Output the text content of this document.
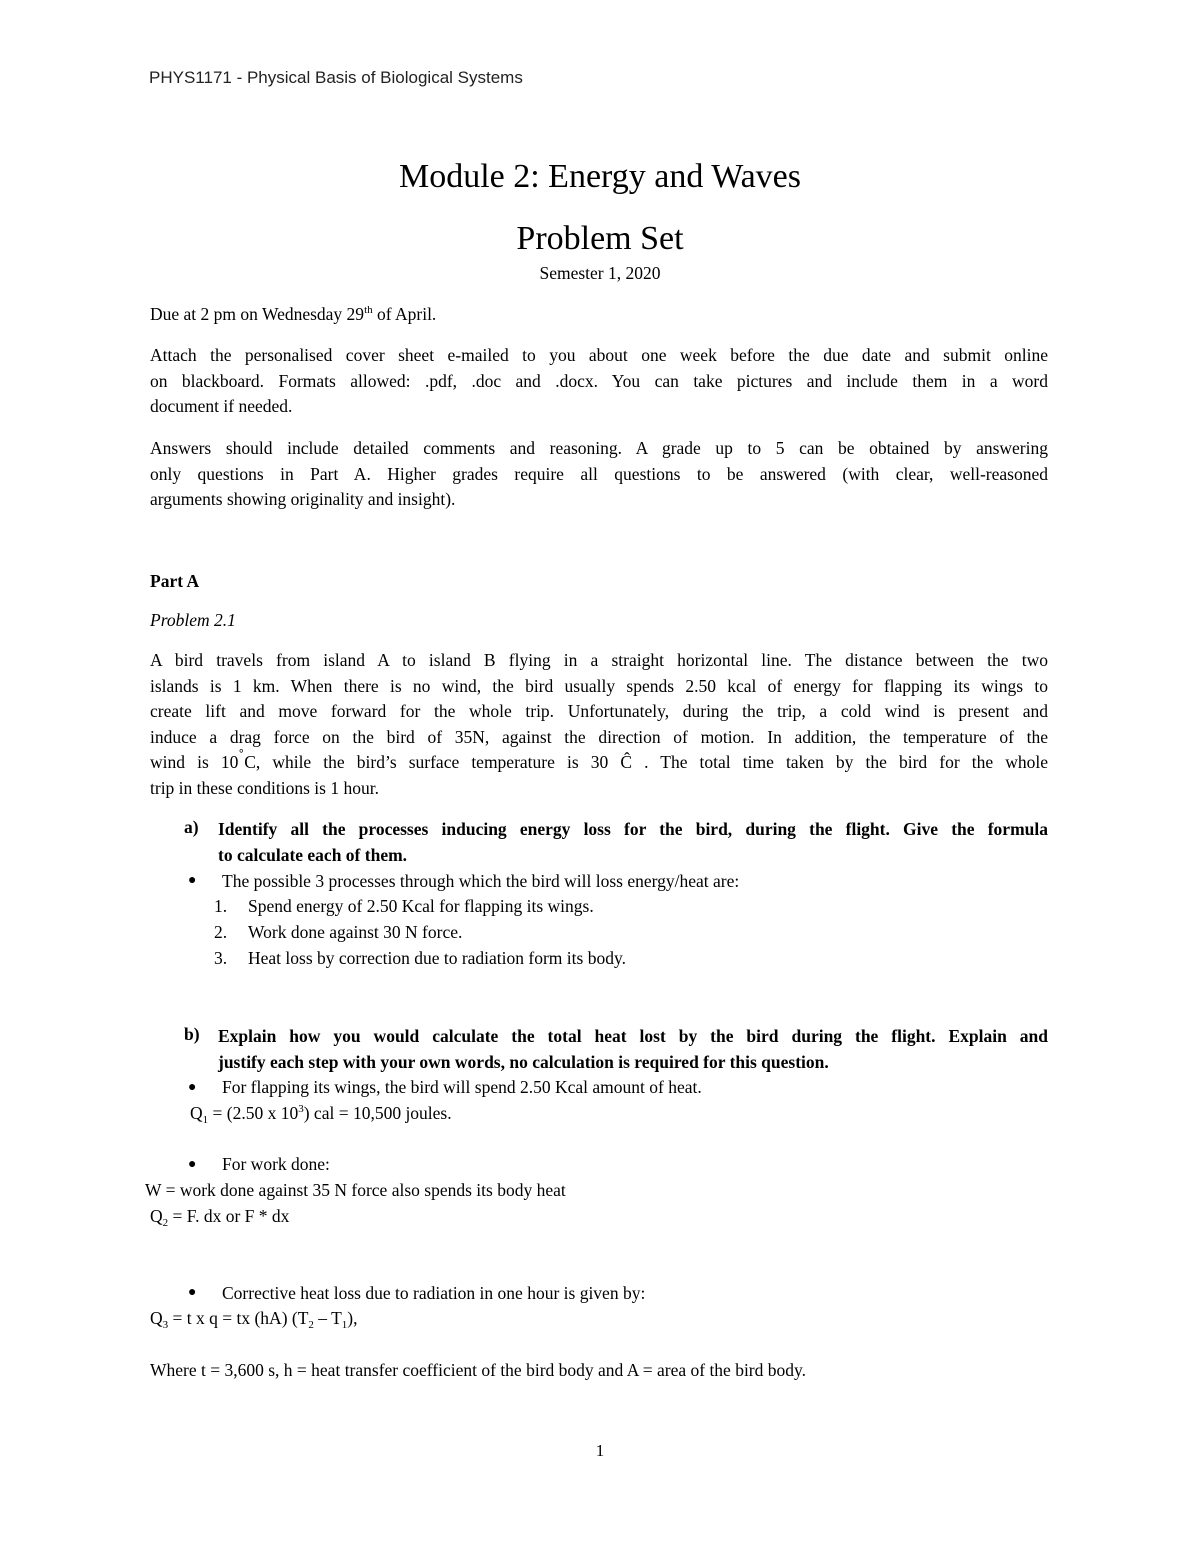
PHYS1171 - Physical Basis of Biological Systems
Module 2: Energy and Waves
Problem Set
Semester 1, 2020
Due at 2 pm on Wednesday 29th of April.
Attach the personalised cover sheet e-mailed to you about one week before the due date and submit online
on blackboard. Formats allowed: .pdf, .doc and .docx. You can take pictures and include them in a word
document if needed.
Answers should include detailed comments and reasoning. A grade up to 5 can be obtained by answering
only questions in Part A. Higher grades require all questions to be answered (with clear, well-reasoned
arguments showing originality and insight).
Part A
Problem 2.1
A bird travels from island A to island B flying in a straight horizontal line. The distance between the two
islands is 1 km. When there is no wind, the bird usually spends 2.50 kcal of energy for flapping its wings to
create lift and move forward for the whole trip. Unfortunately, during the trip, a cold wind is present and
induce a drag force on the bird of 35N, against the direction of motion. In addition, the temperature of the
wind is 10˚C, while the bird’s surface temperature is 30 Ĉ . The total time taken by the bird for the whole
trip in these conditions is 1 hour.
a) Identify all the processes inducing energy loss for the bird, during the flight. Give the formula
to calculate each of them.
● The possible 3 processes through which the bird will loss energy/heat are:
1. Spend energy of 2.50 Kcal for flapping its wings.
2. Work done against 30 N force.
3. Heat loss by correction due to radiation form its body.
b) Explain how you would calculate the total heat lost by the bird during the flight. Explain and
justify each step with your own words, no calculation is required for this question.
● For flapping its wings, the bird will spend 2.50 Kcal amount of heat.
$Q_1 = (2.50$ x $10^3$) cal = 10,500 joules.
● For work done:
W = work done against 35 N force also spends its body heat
$Q_2 = F$. dx or F * dx
● Corrective heat loss due to radiation in one hour is given by:
$Q_3 = t$ x q = tx (hA) $(T_2 - T_1)$,
Where t = 3,600 s, h = heat transfer coefficient of the bird body and A = area of the bird body.
1
